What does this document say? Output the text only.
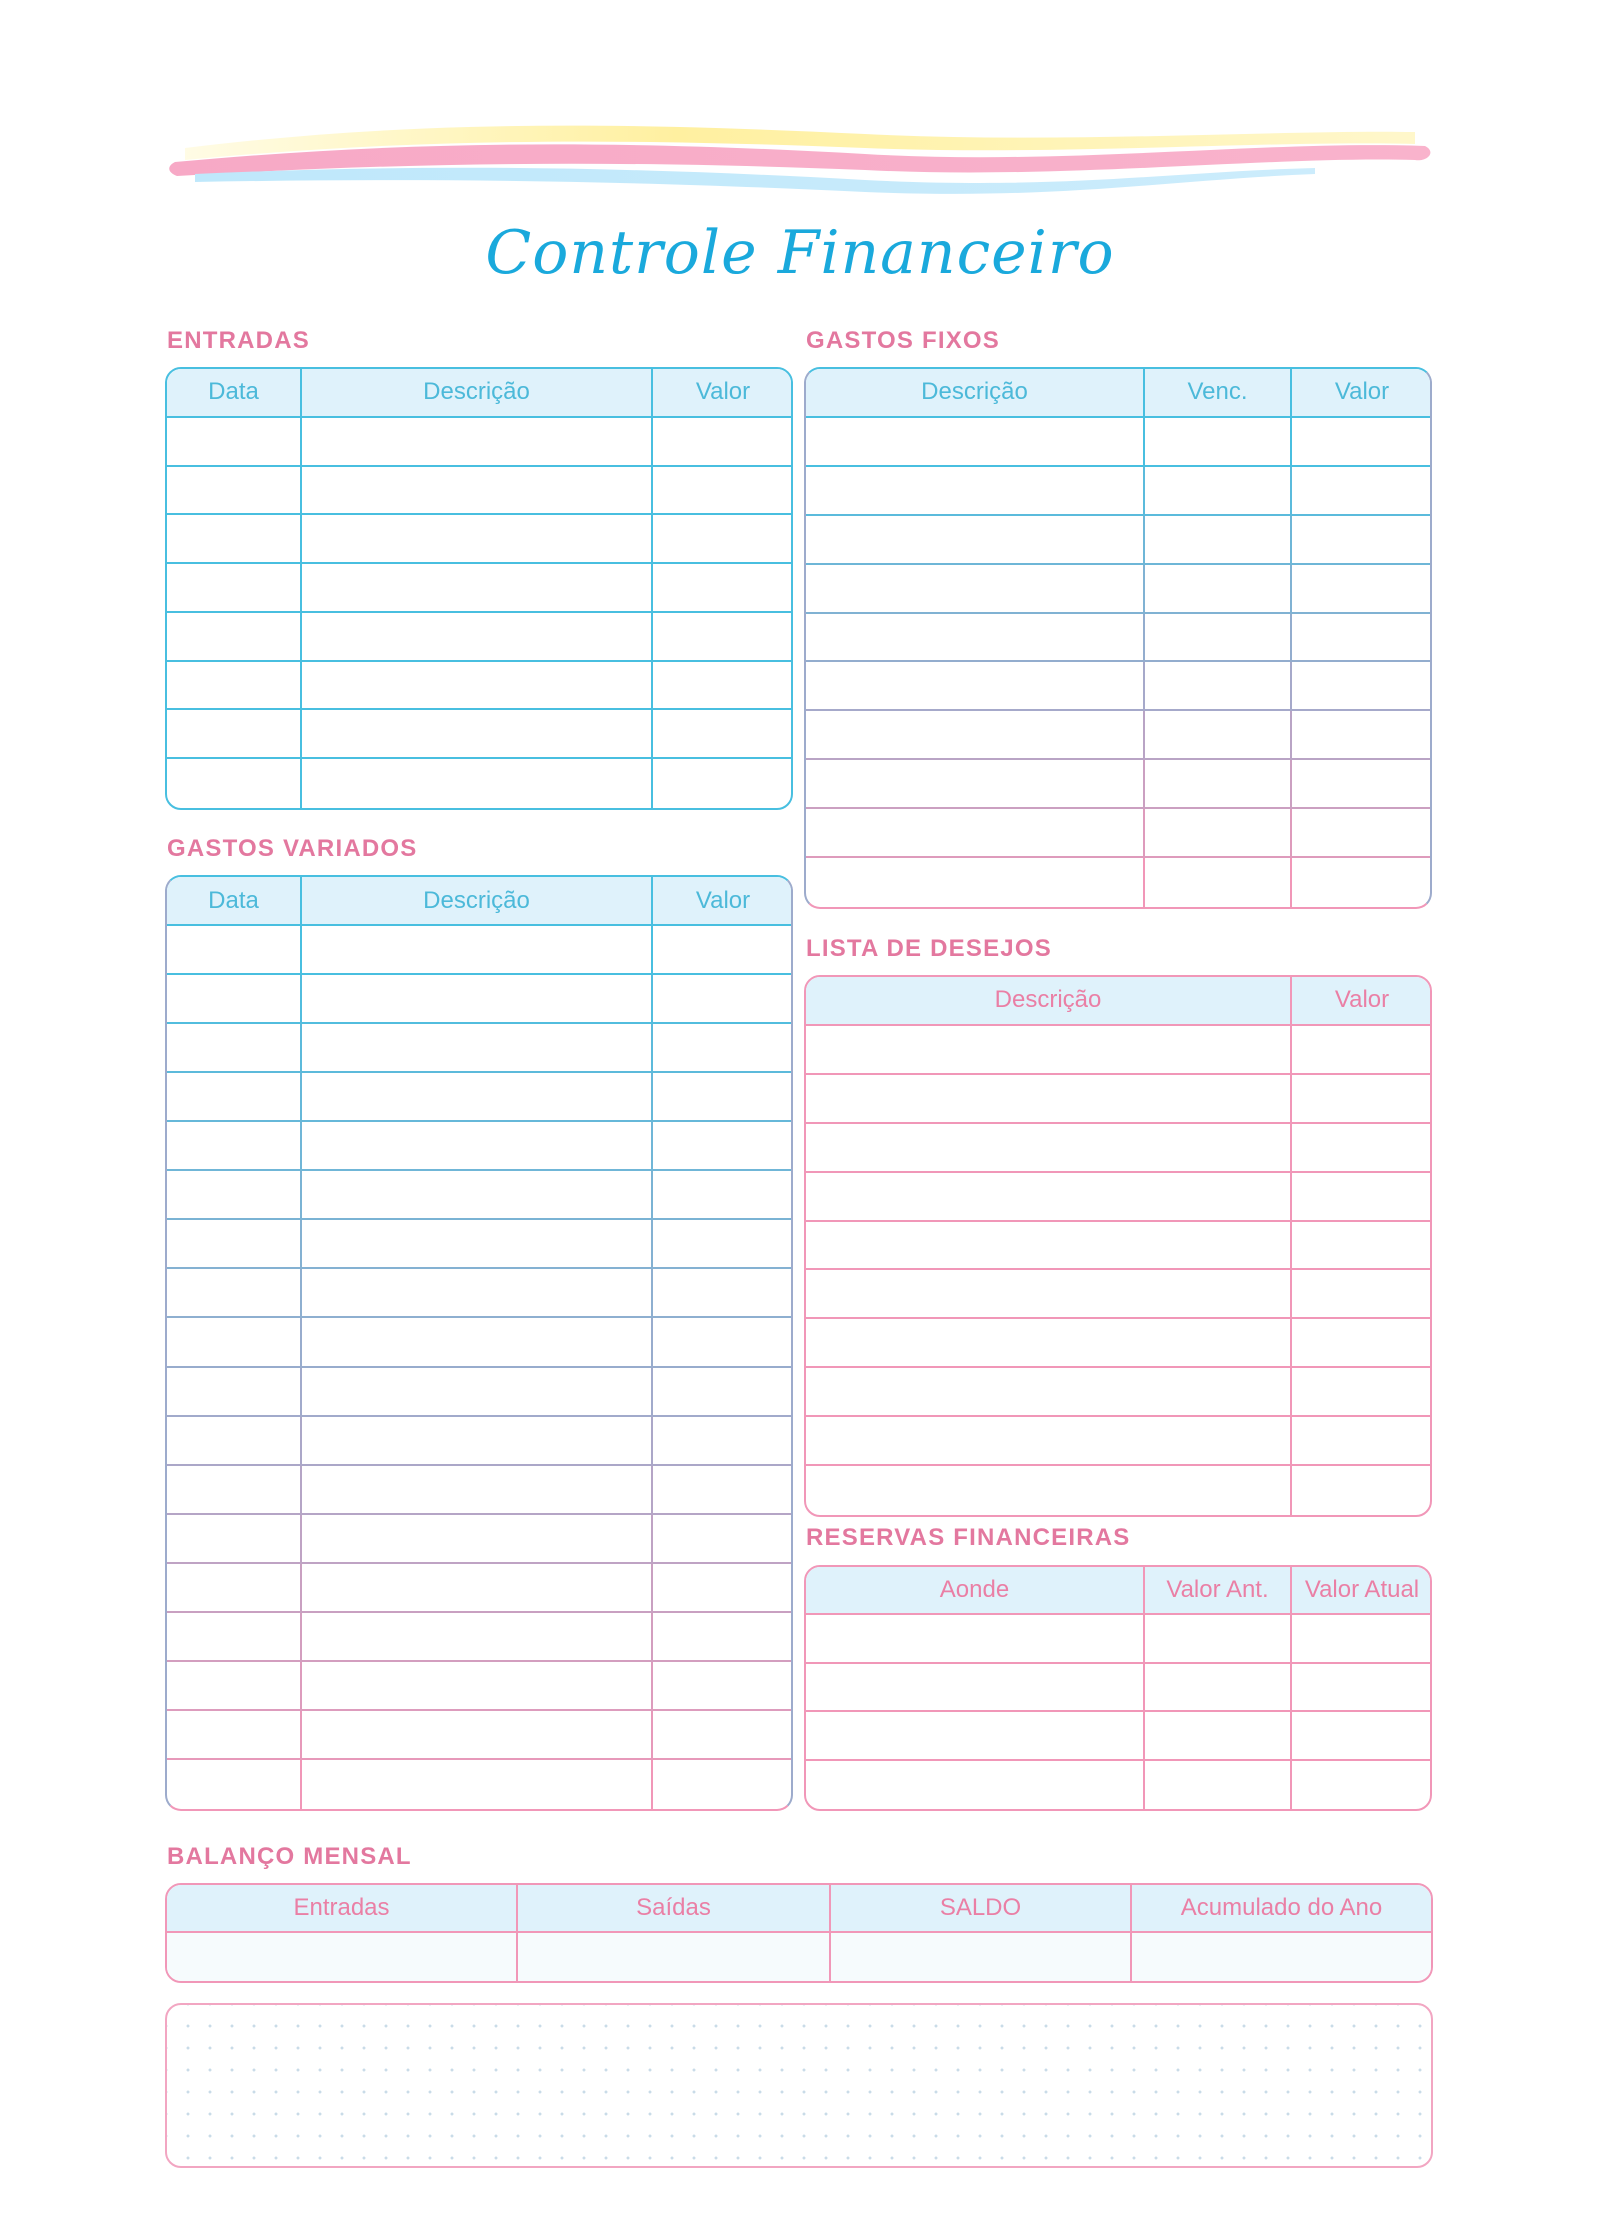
Controle Financeiro
ENTRADAS
Data	Descrição	Valor
GASTOS FIXOS
Descrição	Venc.	Valor
GASTOS VARIADOS
Data	Descrição	Valor
LISTA DE DESEJOS
Descrição	Valor
RESERVAS FINANCEIRAS
Aonde	Valor Ant.	Valor Atual
BALANÇO MENSAL
Entradas	Saídas	SALDO	Acumulado do Ano
